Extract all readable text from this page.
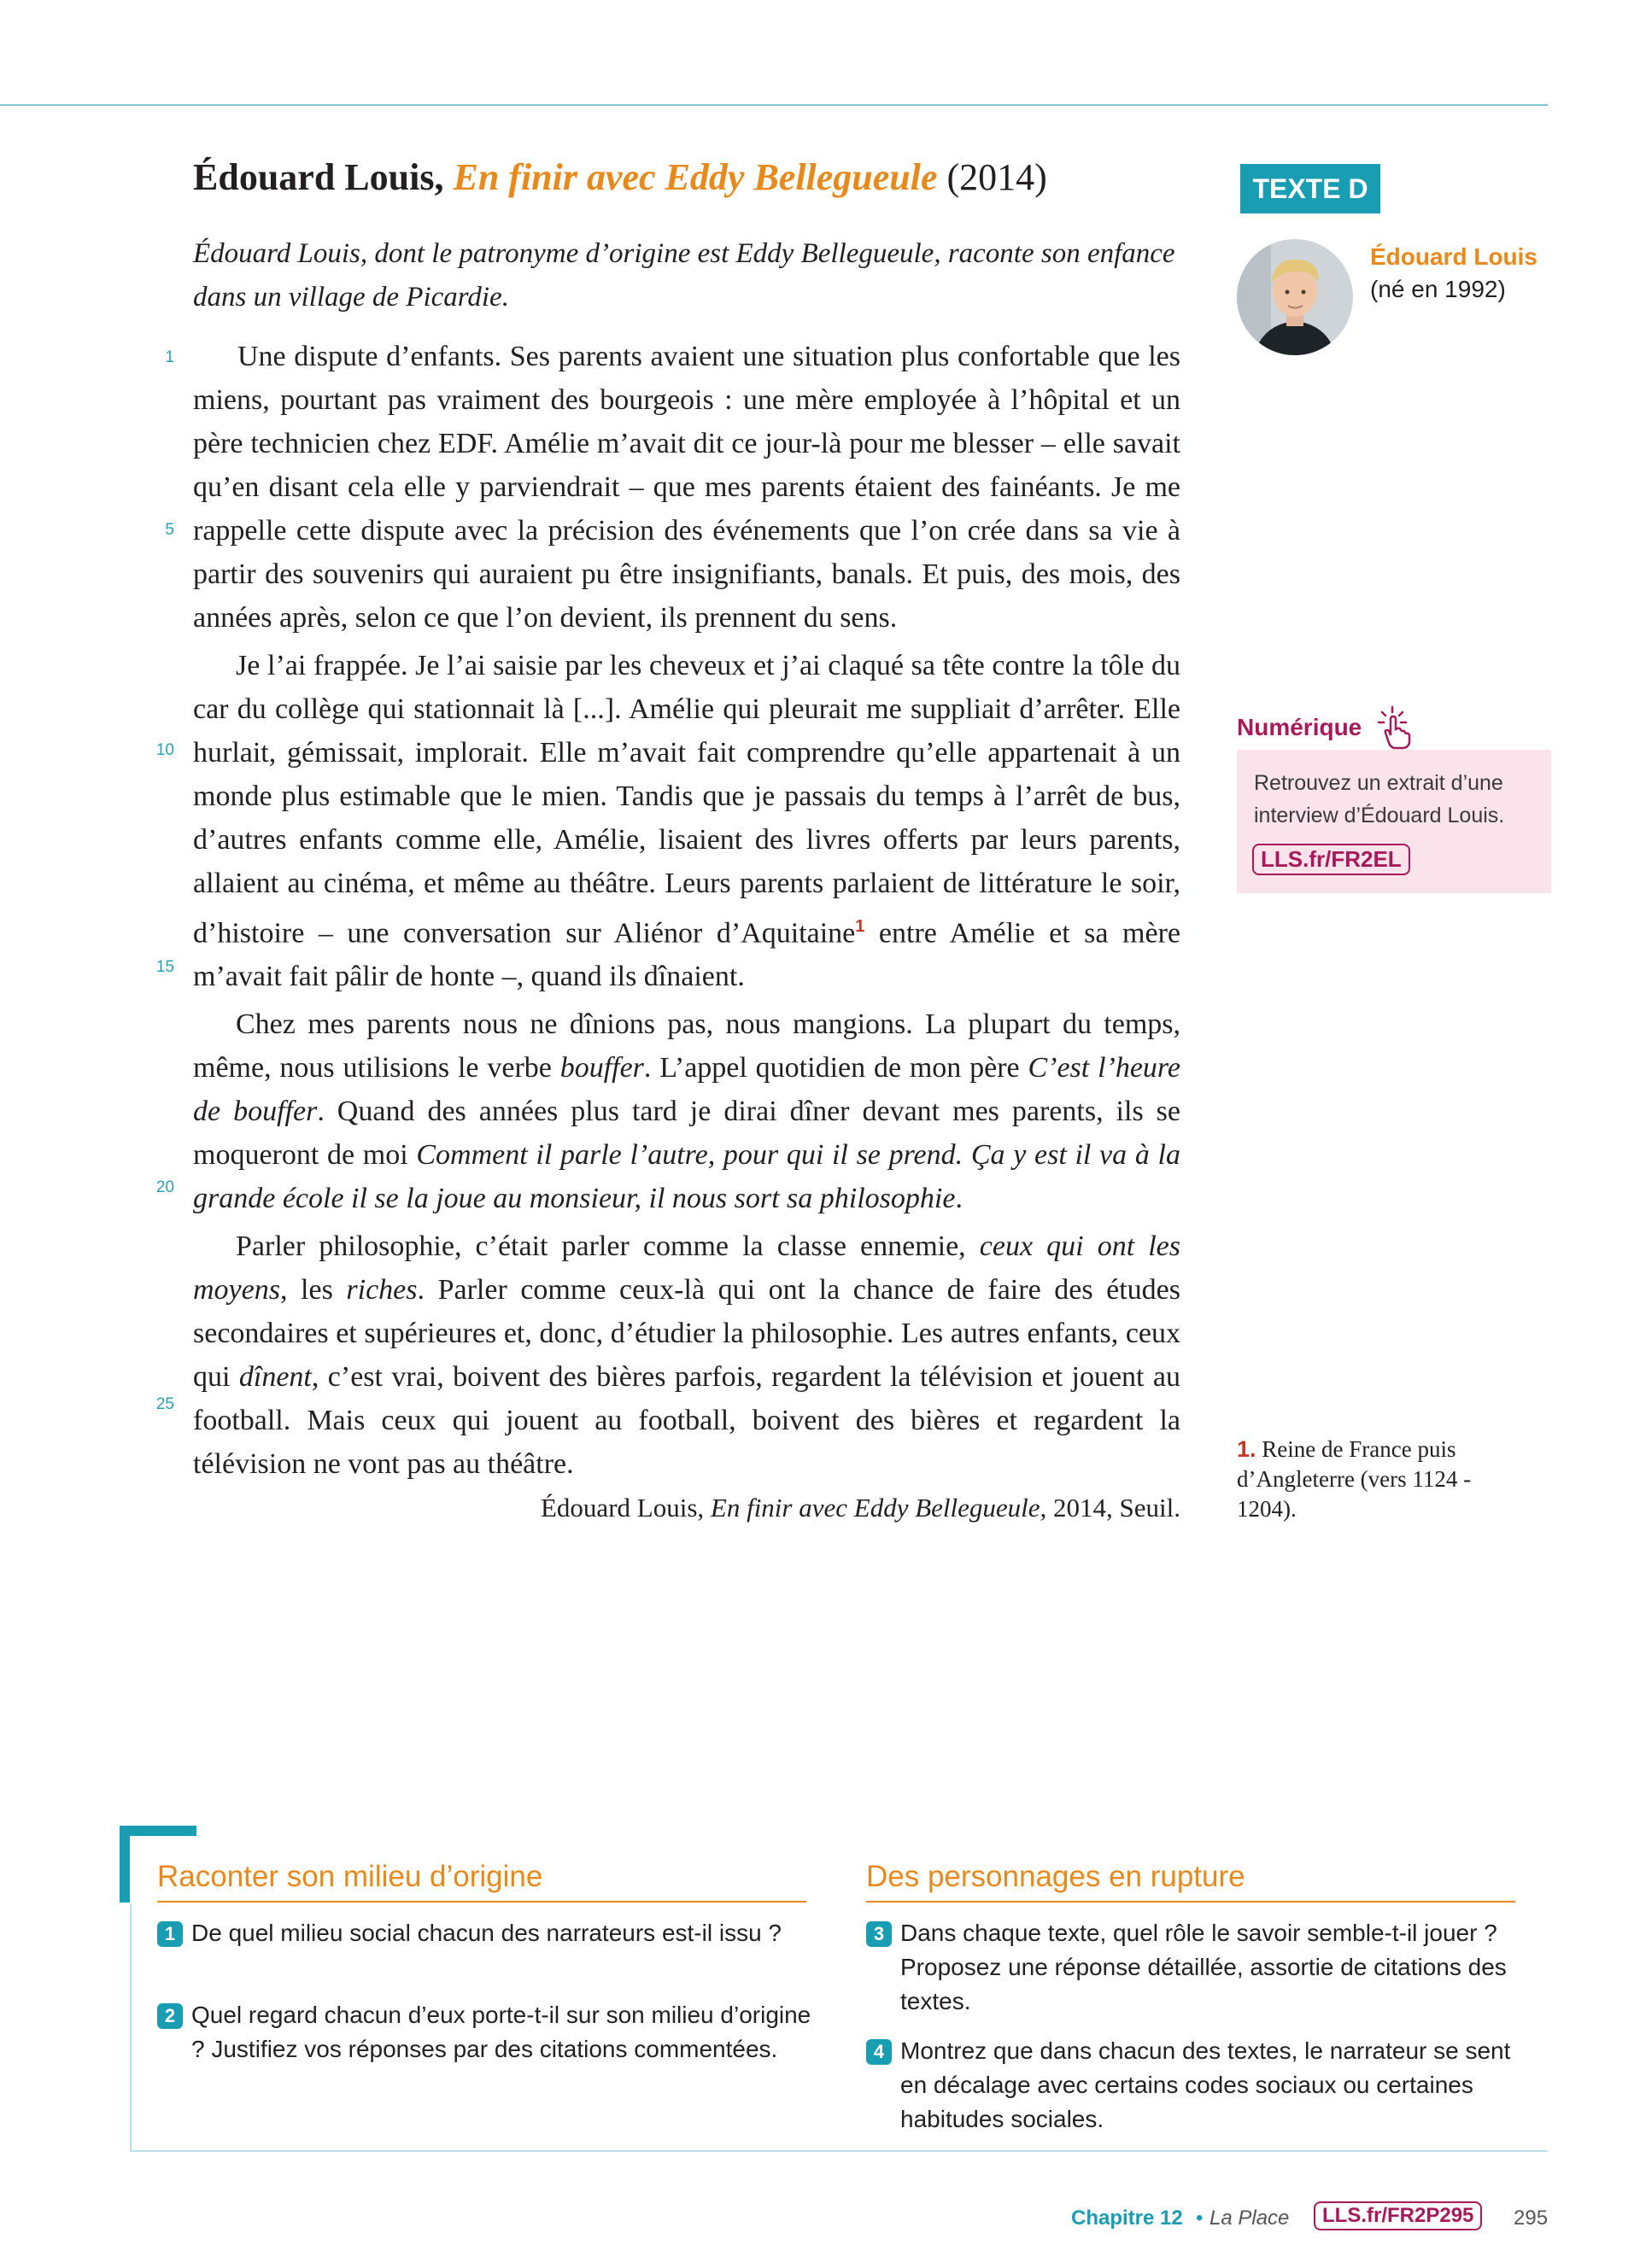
Édouard Louis, En finir avec Eddy Bellegueule (2014)	TEXTE D
Édouard Louis, dont le patronyme d’origine est Eddy Bellegueule, raconte son enfance dans un village de Picardie.

Une dispute d’enfants. Ses parents avaient une situation plus confortable que les miens, pourtant pas vraiment des bourgeois : une mère employée à l’hôpital et un père technicien chez EDF. Amélie m’avait dit ce jour-là pour me blesser – elle savait qu’en disant cela elle y parviendrait – que mes parents étaient des fainéants. Je me rappelle cette dispute avec la précision des événements que l’on crée dans sa vie à partir des souvenirs qui auraient pu être insignifiants, banals. Et puis, des mois, des années après, selon ce que l’on devient, ils prennent du sens.

Je l’ai frappée. Je l’ai saisie par les cheveux et j’ai claqué sa tête contre la tôle du car du collège qui stationnait là [...]. Amélie qui pleurait me suppliait d’arrêter. Elle hurlait, gémissait, implorait. Elle m’avait fait comprendre qu’elle appartenait à un monde plus estimable que le mien. Tandis que je passais du temps à l’arrêt de bus, d’autres enfants comme elle, Amélie, lisaient des livres offerts par leurs parents, allaient au cinéma, et même au théâtre. Leurs parents parlaient de littérature le soir, d’histoire – une conversation sur Aliénor d’Aquitaine$^1$ entre Amélie et sa mère m’avait fait pâlir de honte –, quand ils dînaient.

Chez mes parents nous ne dînions pas, nous mangions. La plupart du temps, même, nous utilisions le verbe bouffer. L’appel quotidien de mon père C’est l’heure de bouffer. Quand des années plus tard je dirai dîner devant mes parents, ils se moqueront de moi Comment il parle l’autre, pour qui il se prend. Ça y est il va à la grande école il se la joue au monsieur, il nous sort sa philosophie.

Parler philosophie, c’était parler comme la classe ennemie, ceux qui ont les moyens, les riches. Parler comme ceux-là qui ont la chance de faire des études secondaires et supérieures et, donc, d’étudier la philosophie. Les autres enfants, ceux qui dînent, c’est vrai, boivent des bières parfois, regardent la télévision et jouent au football. Mais ceux qui jouent au football, boivent des bières et regardent la télévision ne vont pas au théâtre.

1
5
10
15
20
25
Édouard Louis, En finir avec Eddy Bellegueule, 2014, Seuil.
Édouard Louis
(né en 1992)
Numérique
Retrouvez un extrait d’une interview d’Édouard Louis.
LLS.fr/FR2EL
1. Reine de France puis d’Angleterre (vers 1124 - 1204).
Raconter son milieu d’origine	Des personnages en rupture
1 De quel milieu social chacun des narrateurs est-il issu ?
2 Quel regard chacun d’eux porte-t-il sur son milieu d’origine ? Justifiez vos réponses par des citations commentées.
3 Dans chaque texte, quel rôle le savoir semble-t-il jouer ? Proposez une réponse détaillée, assortie de citations des textes.
4 Montrez que dans chacun des textes, le narrateur se sent en décalage avec certains codes sociaux ou certaines habitudes sociales.
Chapitre 12 • La Place	LLS.fr/FR2P295	295
